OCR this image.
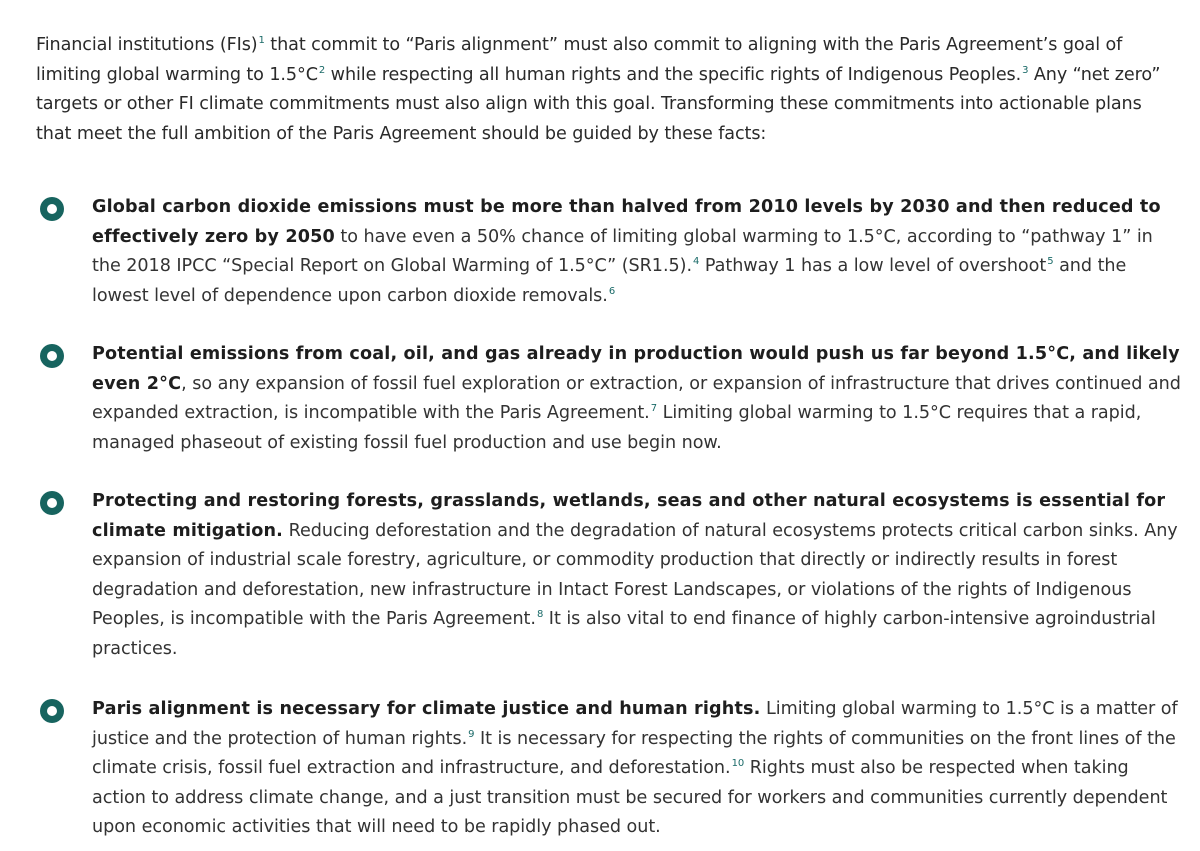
Financial institutions (FIs)$^1$ that commit to “Paris alignment” must also commit to aligning with the Paris Agreement’s goal of limiting global warming to $1.5^\circ C^2$ while respecting all human rights and the specific rights of Indigenous Peoples.$^3$ Any “net zero” targets or other FI climate commitments must also align with this goal. Transforming these commitments into actionable plans that meet the full ambition of the Paris Agreement should be guided by these facts:

Global carbon dioxide emissions must be more than halved from 2010 levels by 2030 and then reduced to effectively zero by 2050 to have even a 50% chance of limiting global warming to 1.5°C, according to “pathway 1” in the 2018 IPCC “Special Report on Global Warming of 1.5°C” (SR1.5).$^4$ Pathway 1 has a low level of overshoot$^5$ and the lowest level of dependence upon carbon dioxide removals.$^6$

Potential emissions from coal, oil, and gas already in production would push us far beyond 1.5°C, and likely even 2°C, so any expansion of fossil fuel exploration or extraction, or expansion of infrastructure that drives continued and expanded extraction, is incompatible with the Paris Agreement.$^7$ Limiting global warming to 1.5°C requires that a rapid, managed phaseout of existing fossil fuel production and use begin now.

Protecting and restoring forests, grasslands, wetlands, seas and other natural ecosystems is essential for climate mitigation. Reducing deforestation and the degradation of natural ecosystems protects critical carbon sinks. Any expansion of industrial scale forestry, agriculture, or commodity production that directly or indirectly results in forest degradation and deforestation, new infrastructure in Intact Forest Landscapes, or violations of the rights of Indigenous Peoples, is incompatible with the Paris Agreement.$^8$ It is also vital to end finance of highly carbon-intensive agroindustrial practices.

Paris alignment is necessary for climate justice and human rights. Limiting global warming to 1.5°C is a matter of justice and the protection of human rights.$^9$ It is necessary for respecting the rights of communities on the front lines of the climate crisis, fossil fuel extraction and infrastructure, and deforestation.$^{10}$ Rights must also be respected when taking action to address climate change, and a just transition must be secured for workers and communities currently dependent upon economic activities that will need to be rapidly phased out.
